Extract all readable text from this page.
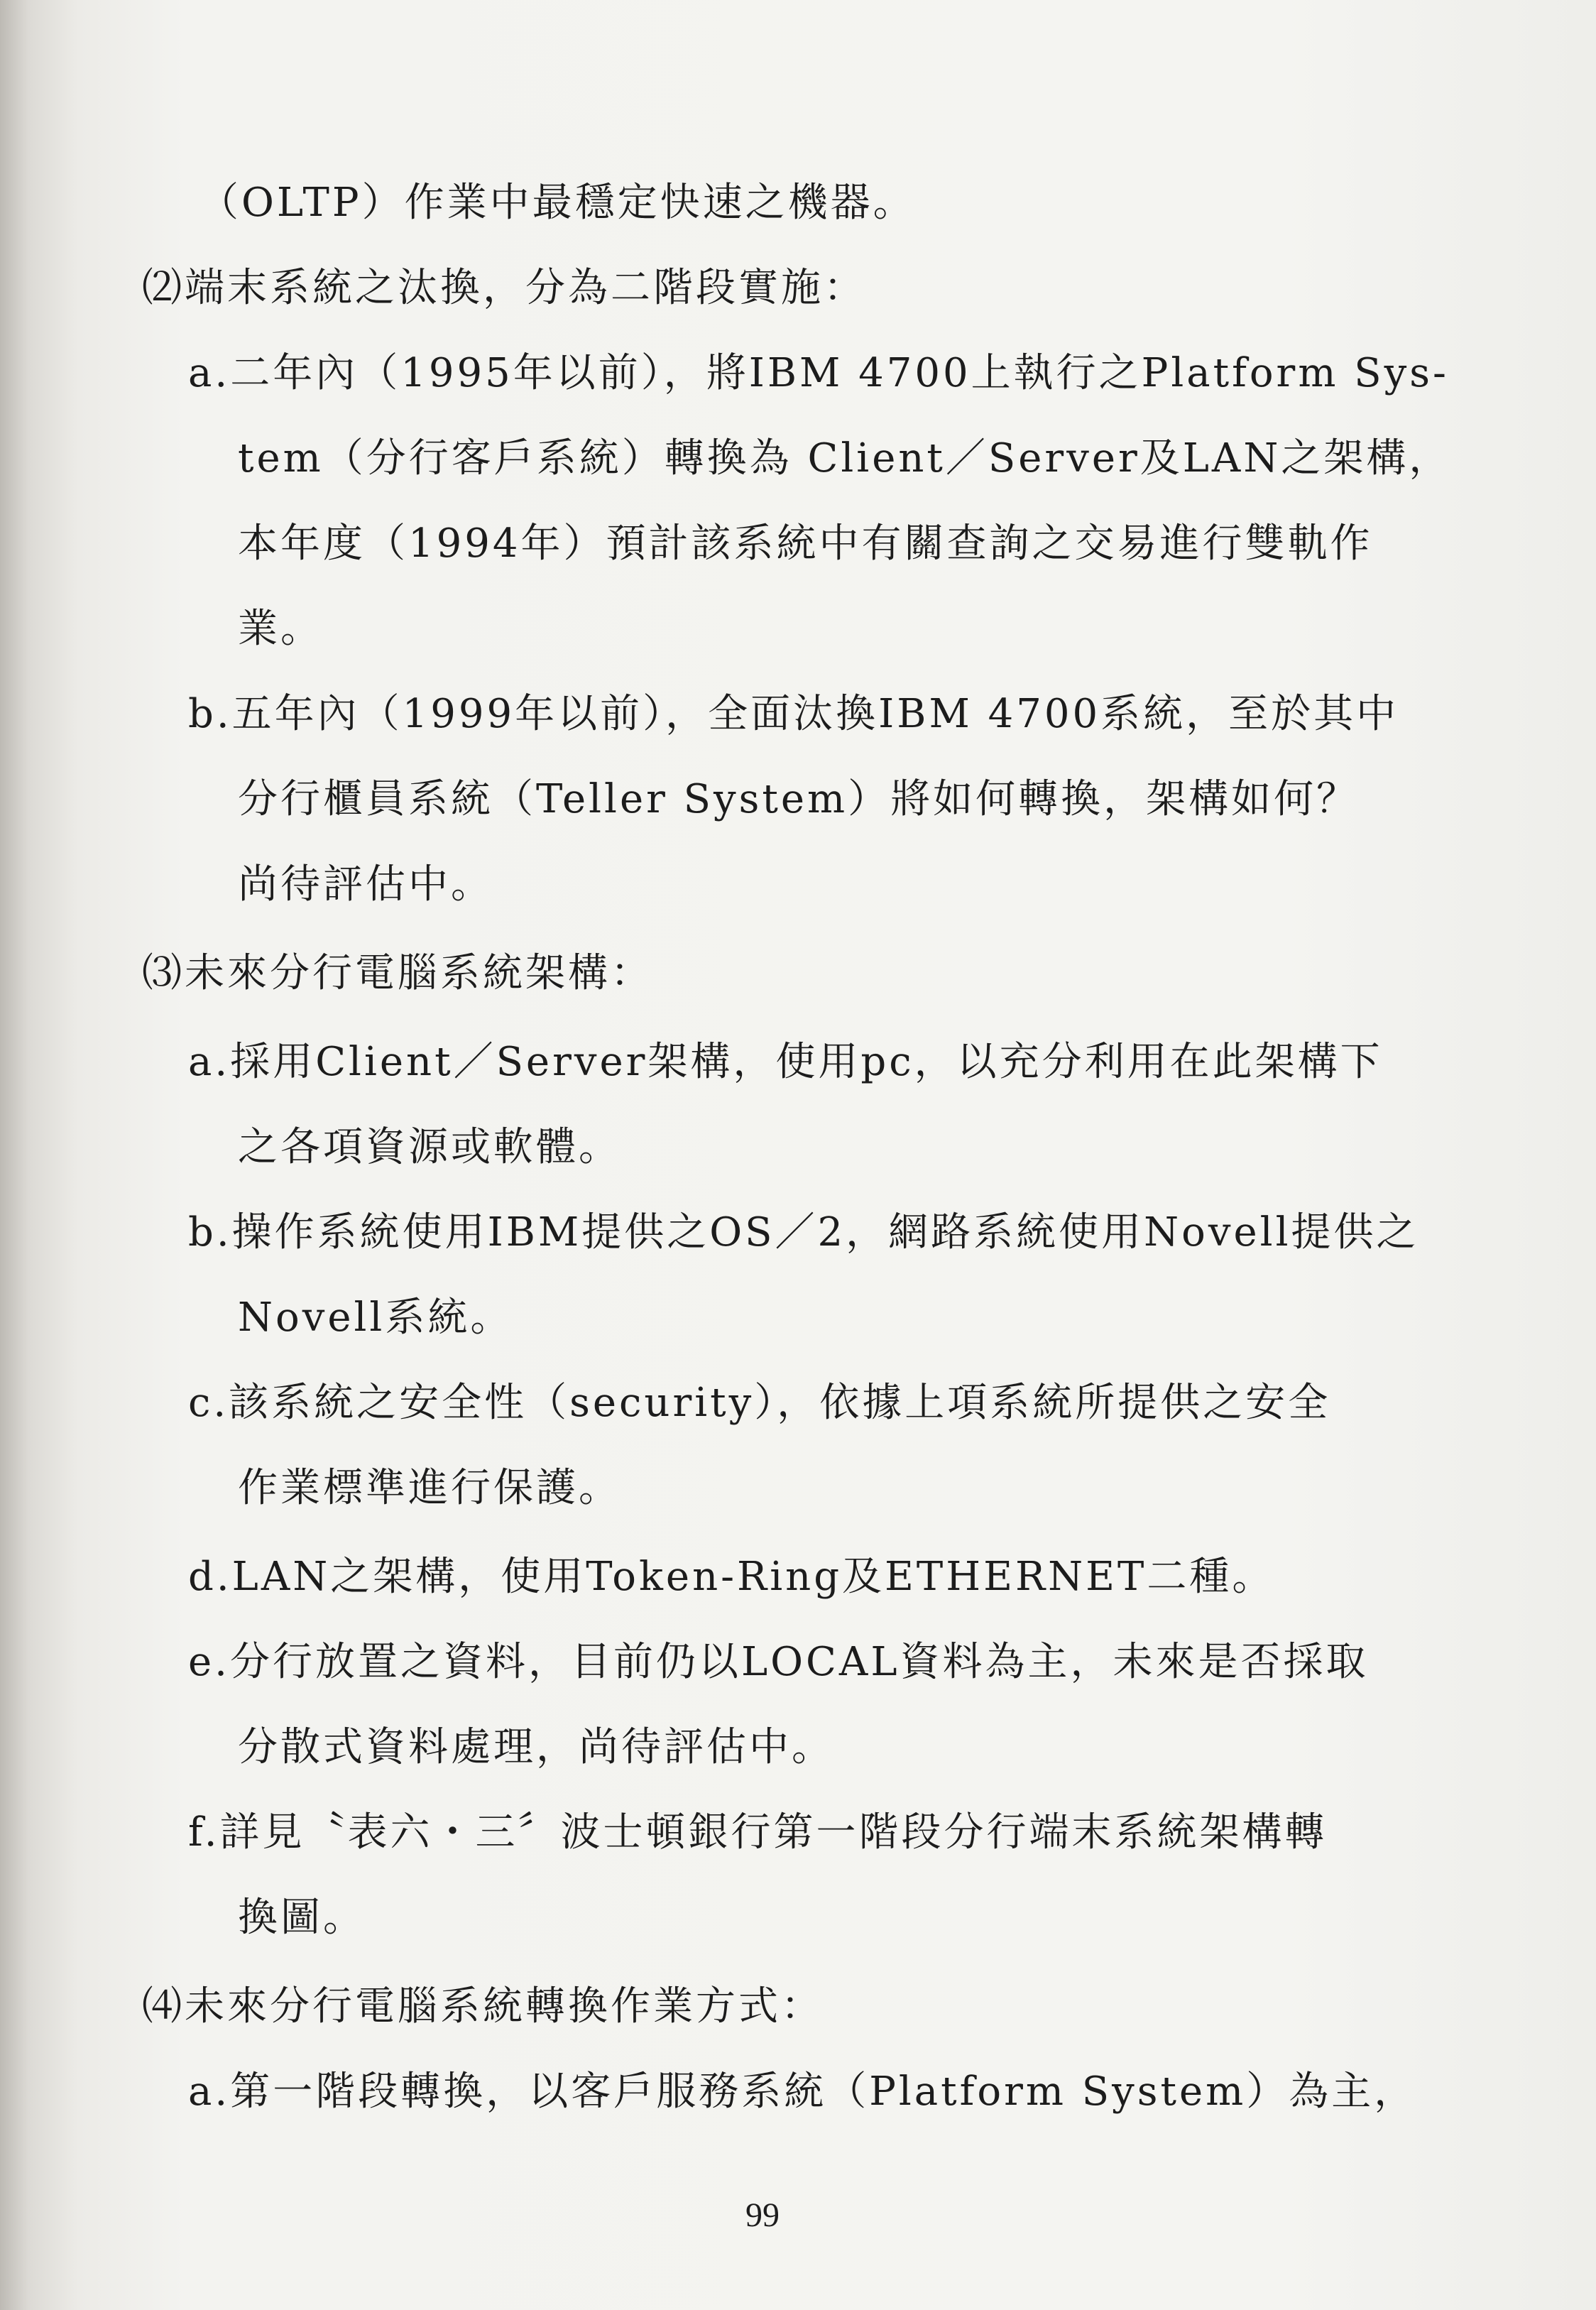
（OLTP）作業中最穩定快速之機器。
⑵端末系統之汰換，分為二階段實施：
a.二年內（1995年以前），將IBM 4700上執行之Platform Sys-
tem（分行客戶系統）轉換為 Client／Server及LAN之架構，
本年度（1994年）預計該系統中有關查詢之交易進行雙軌作
業。
b.五年內（1999年以前），全面汰換IBM 4700系統，至於其中
分行櫃員系統（Teller System）將如何轉換，架構如何？
尚待評估中。
⑶未來分行電腦系統架構：
a.採用Client／Server架構，使用pc，以充分利用在此架構下
之各項資源或軟體。
b.操作系統使用IBM提供之OS／2，網路系統使用Novell提供之
Novell系統。
c.該系統之安全性（security），依據上項系統所提供之安全
作業標準進行保護。
d.LAN之架構，使用Token-Ring及ETHERNET二種。
e.分行放置之資料，目前仍以LOCAL資料為主，未來是否採取
分散式資料處理，尚待評估中。
f.詳見〝表六・三〞波士頓銀行第一階段分行端末系統架構轉
換圖。
⑷未來分行電腦系統轉換作業方式：
a.第一階段轉換，以客戶服務系統（Platform System）為主，
99
